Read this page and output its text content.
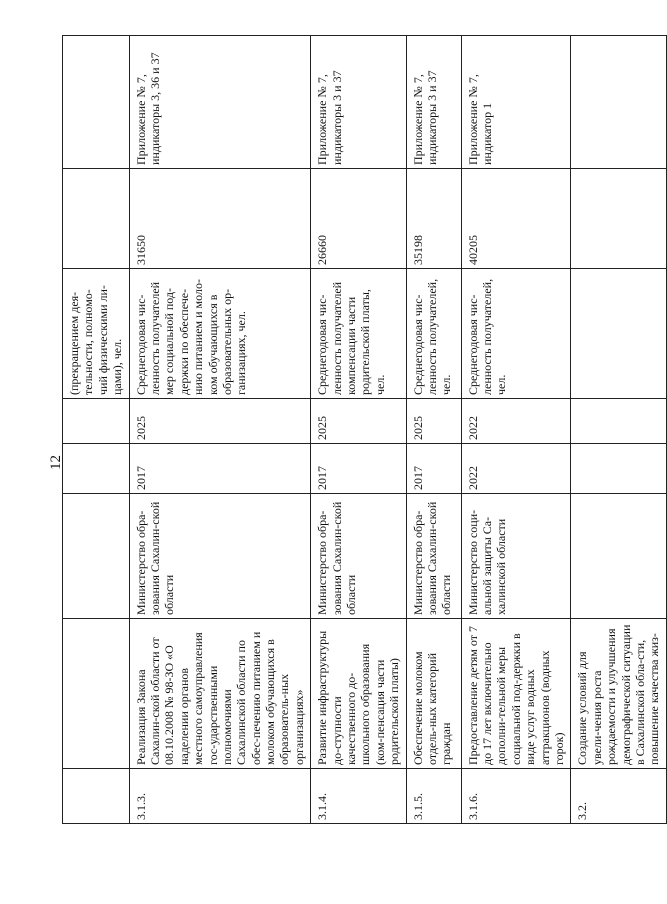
12
					(прекращением дея-тельности, полномо-чий физическими ли-цами), чел.		
3.1.3.	Реализация Закона Сахалин-ской области от 08.10.2008 № 98-ЗО «О наделении органов местного самоуправления гос-ударственными полномочиями Сахалинской области по обес-печению питанием и молоком обучающихся в образователь-ных организациях»	Министерство обра-зования Сахалин-ской области	2017	2025	Среднегодовая чис-ленность получателей мер социальной под-держки по обеспече-нию питанием и моло-ком обучающихся в образовательных ор-ганизациях, чел.	31650	Приложение № 7, индикаторы 3, 36 и 37
3.1.4.	Развитие инфраструктуры до-ступности качественного до-школьного образования (ком-пенсация части родительской платы)	Министерство обра-зования Сахалин-ской области	2017	2025	Среднегодовая чис-ленность получателей компенсации части родительской платы, чел.	26660	Приложение № 7, индикаторы 3 и 37
3.1.5.	Обеспечение молоком отдель-ных категорий граждан	Министерство обра-зования Сахалин-ской области	2017	2025	Среднегодовая чис-ленность получателей, чел.	35198	Приложение № 7, индикаторы 3 и 37
3.1.6.	Предоставление детям от 7 до 17 лет включительно дополни-тельной меры социальной под-держки в виде услуг водных аттракционов (водных горок)	Министерство соци-альной защиты Са-халинской области	2022	2022	Среднегодовая чис-ленность получателей, чел.	40205	Приложение № 7, индикатор 1
3.2.	Создание условий для увели-чения роста рождаемости и улучшения демографической ситуации в Сахалинской обла-сти, повышение качества жиз-						
